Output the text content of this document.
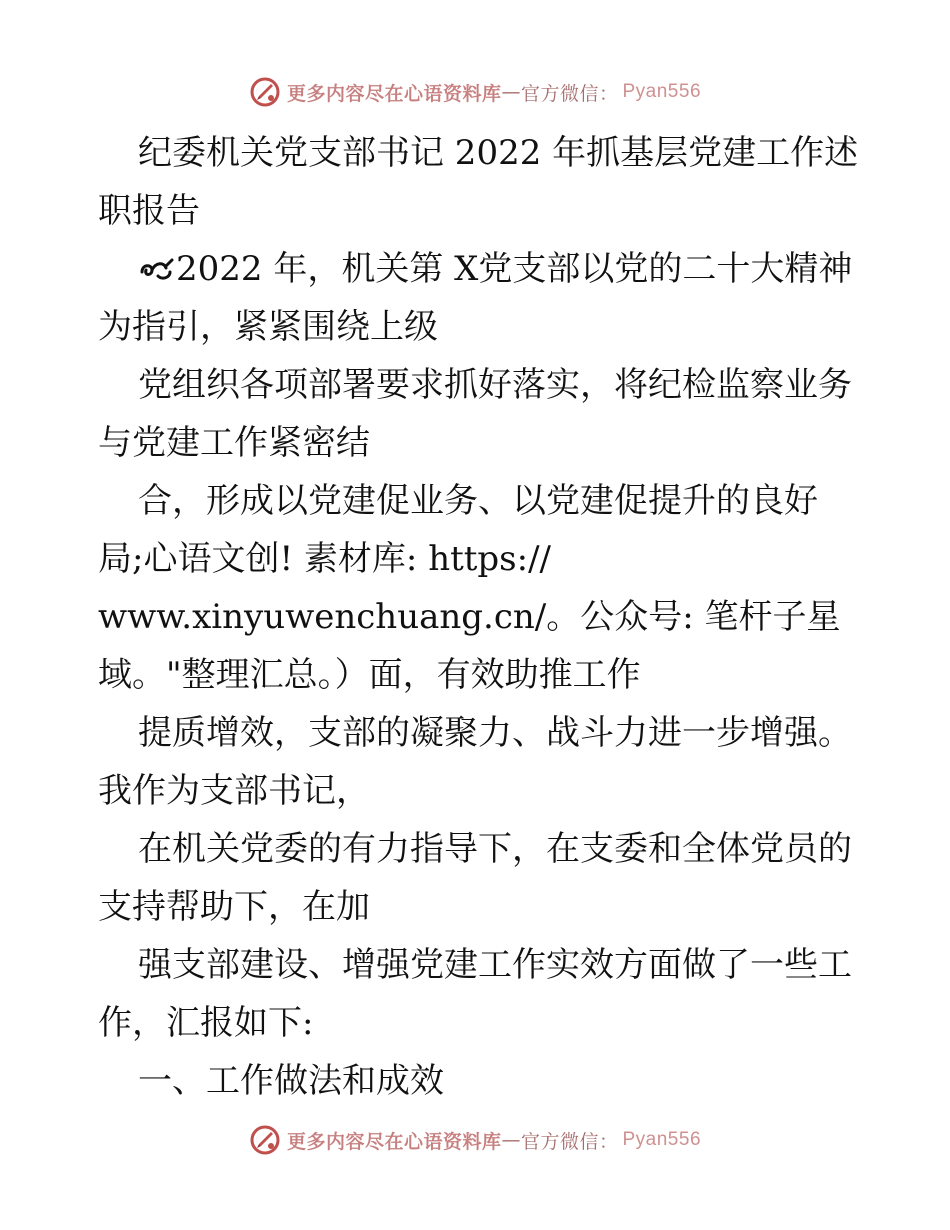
更多内容尽在心语资料库 — 官方微信： Pyan556
纪委机关党支部书记 2022 年抓基层党建工作述
职报告
2022 年，机关第 X党支部以党的二十大精神
为指引，紧紧围绕上级
党组织各项部署要求抓好落实，将纪检监察业务
与党建工作紧密结
合，形成以党建促业务、以党建促提升的良好
局;心语文创! 素材库: https://
www.xinyuwenchuang.cn/。公众号: 笔杆子星
域。"整理汇总。）面，有效助推工作
提质增效，支部的凝聚力、战斗力进一步增强。
我作为支部书记，
在机关党委的有力指导下，在支委和全体党员的
支持帮助下，在加
强支部建设、增强党建工作实效方面做了一些工
作，汇报如下:
一、工作做法和成效
更多内容尽在心语资料库 — 官方微信： Pyan556
